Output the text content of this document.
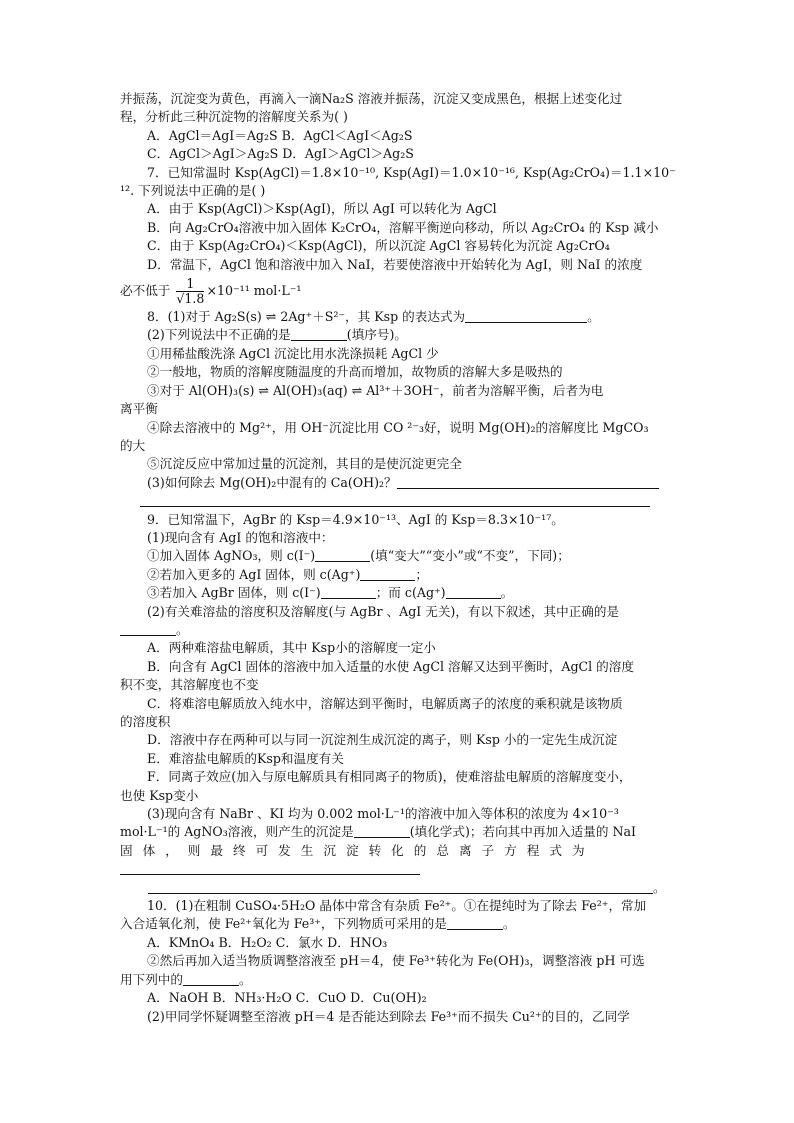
并振荡，沉淀变为黄色，再滴入一滴Na₂S 溶液并振荡，沉淀又变成黑色，根据上述变化过
程，分析此三种沉淀物的溶解度关系为( )
A．AgCl＝AgI＝Ag₂S B．AgCl＜AgI＜Ag₂S
C．AgCl＞AgI＞Ag₂S D．AgI＞AgCl＞Ag₂S
7．已知常温时 Ksp(AgCl)＝1.8×10⁻¹⁰, Ksp(AgI)＝1.0×10⁻¹⁶, Ksp(Ag₂CrO₄)＝1.1×10⁻
¹². 下列说法中正确的是( )
A．由于 Ksp(AgCl)＞Ksp(AgI)，所以 AgI 可以转化为 AgCl
B．向 Ag₂CrO₄溶液中加入固体 K₂CrO₄，溶解平衡逆向移动，所以 Ag₂CrO₄ 的 Ksp 减小
C．由于 Ksp(Ag₂CrO₄)＜Ksp(AgCl)，所以沉淀 AgCl 容易转化为沉淀 Ag₂CrO₄
D．常温下，AgCl 饱和溶液中加入 NaI，若要使溶液中开始转化为 AgI，则 NaI 的浓度
必不低于 $\frac{1}{√1.8} \times 10^{-11}$ mol·L⁻¹
8．(1)对于 Ag₂S(s) ⇌ 2Ag⁺＋S²⁻，其 Ksp 的表达式为	。
(2)下列说法中不正确的是	(填序号)。
①用稀盐酸洗涤 AgCl 沉淀比用水洗涤损耗 AgCl 少
②一般地，物质的溶解度随温度的升高而增加，故物质的溶解大多是吸热的
③对于 Al(OH)₃(s) ⇌ Al(OH)₃(aq) ⇌ Al³⁺＋3OH⁻，前者为溶解平衡，后者为电
离平衡
④除去溶液中的 Mg²⁺，用 OH⁻沉淀比用 CO ²⁻₃好，说明 Mg(OH)₂的溶解度比 MgCO₃
的大
⑤沉淀反应中常加过量的沉淀剂，其目的是使沉淀更完全
(3)如何除去 Mg(OH)₂中混有的 Ca(OH)₂？
9．已知常温下，AgBr 的 Ksp＝4.9×10⁻¹³、AgI 的 Ksp＝8.3×10⁻¹⁷。
(1)现向含有 AgI 的饱和溶液中：
①加入固体 AgNO₃，则 c(I⁻)	(填“变大”“变小”或“不变”，下同)；
②若加入更多的 AgI 固体，则 c(Ag⁺)	；
③若加入 AgBr 固体，则 c(I⁻)	；而 c(Ag⁺)	。
(2)有关难溶盐的溶度积及溶解度(与 AgBr 、AgI 无关)，有以下叙述，其中正确的是
。
A．两种难溶盐电解质，其中 Ksp小的溶解度一定小
B．向含有 AgCl 固体的溶液中加入适量的水使 AgCl 溶解又达到平衡时，AgCl 的溶度
积不变，其溶解度也不变
C．将难溶电解质放入纯水中，溶解达到平衡时，电解质离子的浓度的乘积就是该物质
的溶度积
D．溶液中存在两种可以与同一沉淀剂生成沉淀的离子，则 Ksp 小的一定先生成沉淀
E．难溶盐电解质的Ksp和温度有关
F．同离子效应(加入与原电解质具有相同离子的物质)，使难溶盐电解质的溶解度变小，
也使 Ksp变小
(3)现向含有 NaBr 、KI 均为 0.002 mol·L⁻¹的溶液中加入等体积的浓度为 4×10⁻³
mol·L⁻¹的 AgNO₃溶液，则产生的沉淀是	(填化学式)；若向其中再加入适量的 NaI
固 体 ， 则 最 终 可 发 生 沉 淀 转 化 的 总 离 子 方 程 式 为
。
10．(1)在粗制 CuSO₄·5H₂O 晶体中常含有杂质 Fe²⁺。①在提纯时为了除去 Fe²⁺，常加
入合适氧化剂，使 Fe²⁺氧化为 Fe³⁺，下列物质可采用的是	。
A．KMnO₄ B．H₂O₂ C．氯水 D．HNO₃
②然后再加入适当物质调整溶液至 pH＝4，使 Fe³⁺转化为 Fe(OH)₃，调整溶液 pH 可选
用下列中的	。
A．NaOH B．NH₃·H₂O C．CuO D．Cu(OH)₂
(2)甲同学怀疑调整至溶液 pH＝4 是否能达到除去 Fe³⁺而不损失 Cu²⁺的目的，乙同学
